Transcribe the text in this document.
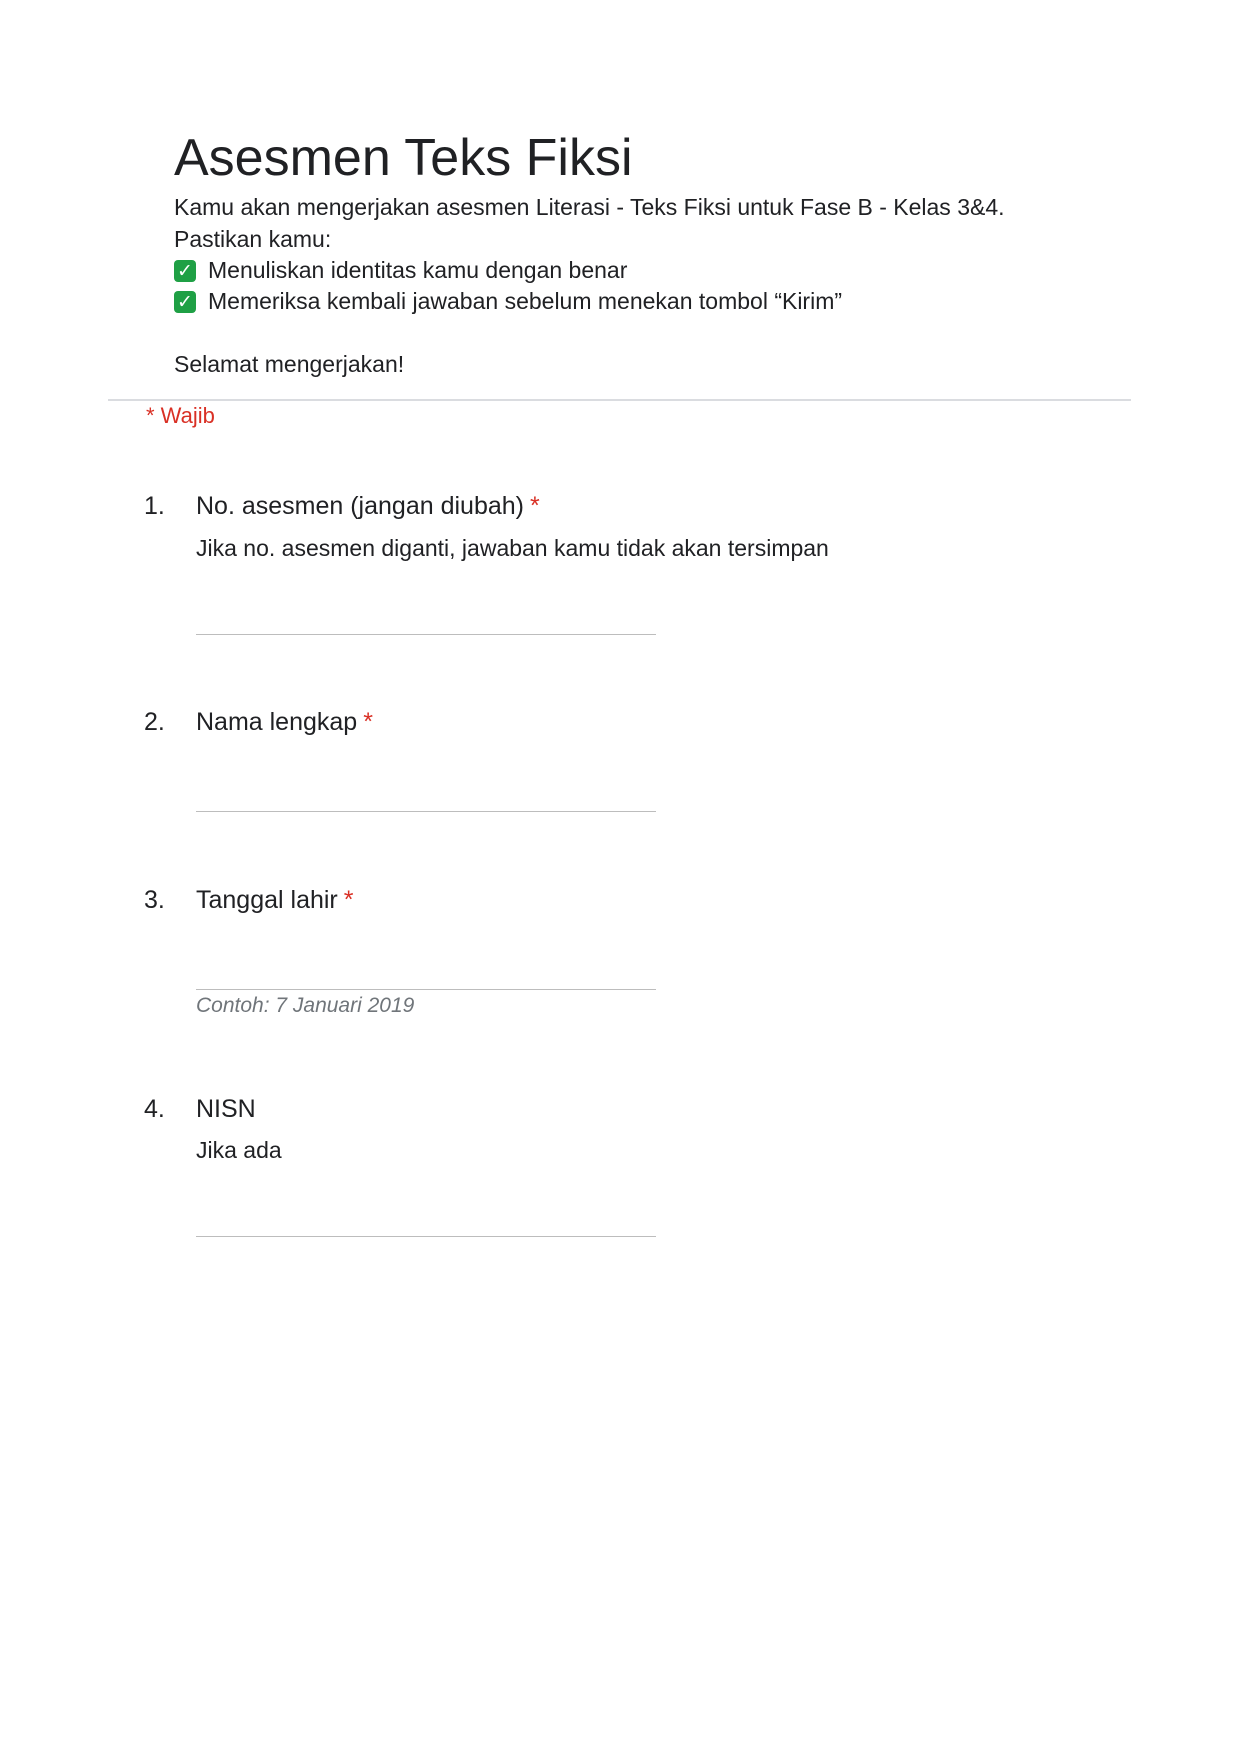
Asesmen Teks Fiksi
Kamu akan mengerjakan asesmen Literasi - Teks Fiksi untuk Fase B - Kelas 3&4.
Pastikan kamu:
✓ Menuliskan identitas kamu dengan benar
✓ Memeriksa kembali jawaban sebelum menekan tombol “Kirim”
Selamat mengerjakan!
* Wajib
1. No. asesmen (jangan diubah) *
Jika no. asesmen diganti, jawaban kamu tidak akan tersimpan
2. Nama lengkap *
3. Tanggal lahir *
Contoh: 7 Januari 2019
4. NISN
Jika ada
